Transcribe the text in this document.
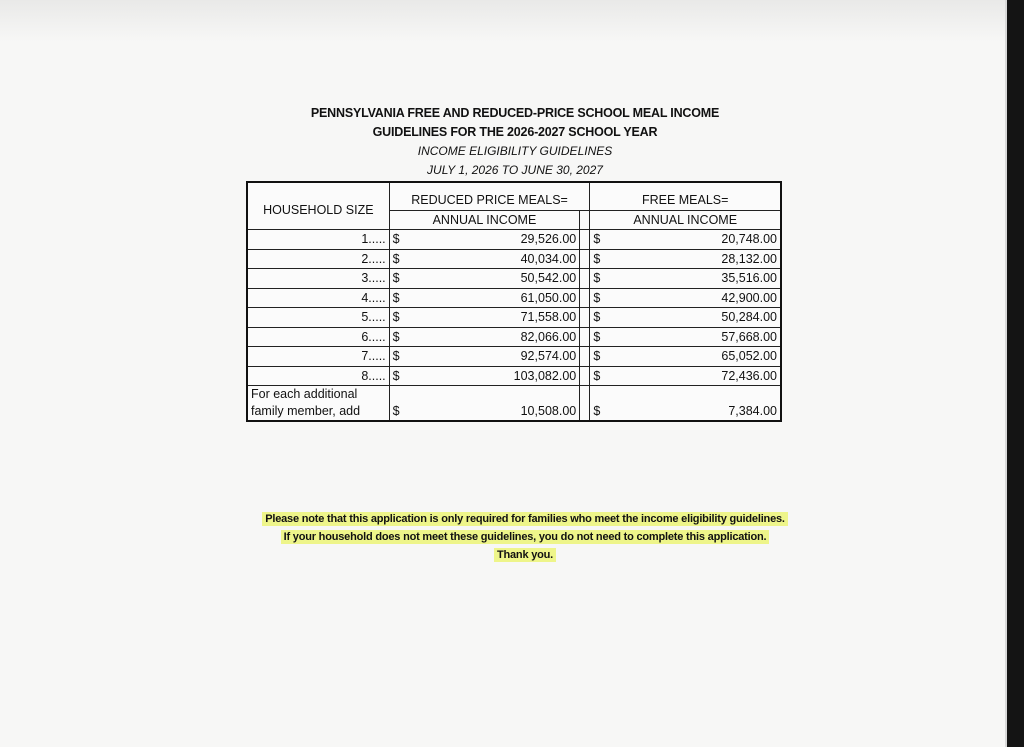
PENNSYLVANIA FREE AND REDUCED-PRICE SCHOOL MEAL INCOME
GUIDELINES FOR THE 2026-2027 SCHOOL YEAR
INCOME ELIGIBILITY GUIDELINES
JULY 1, 2026 TO JUNE 30, 2027
HOUSEHOLD SIZE	REDUCED PRICE MEALS=			FREE MEALS=	
	ANNUAL INCOME			ANNUAL INCOME	
1.....	$	29,526.00		$	20,748.00
2.....	$	40,034.00		$	28,132.00
3.....	$	50,542.00		$	35,516.00
4.....	$	61,050.00		$	42,900.00
5.....	$	71,558.00		$	50,284.00
6.....	$	82,066.00		$	57,668.00
7.....	$	92,574.00		$	65,052.00
8.....	$	103,082.00		$	72,436.00

For each additional
family member, add	$	10,508.00		$	7,384.00
Please note that this application is only required for families who meet the income eligibility guidelines.
If your household does not meet these guidelines, you do not need to complete this application.
Thank you.
